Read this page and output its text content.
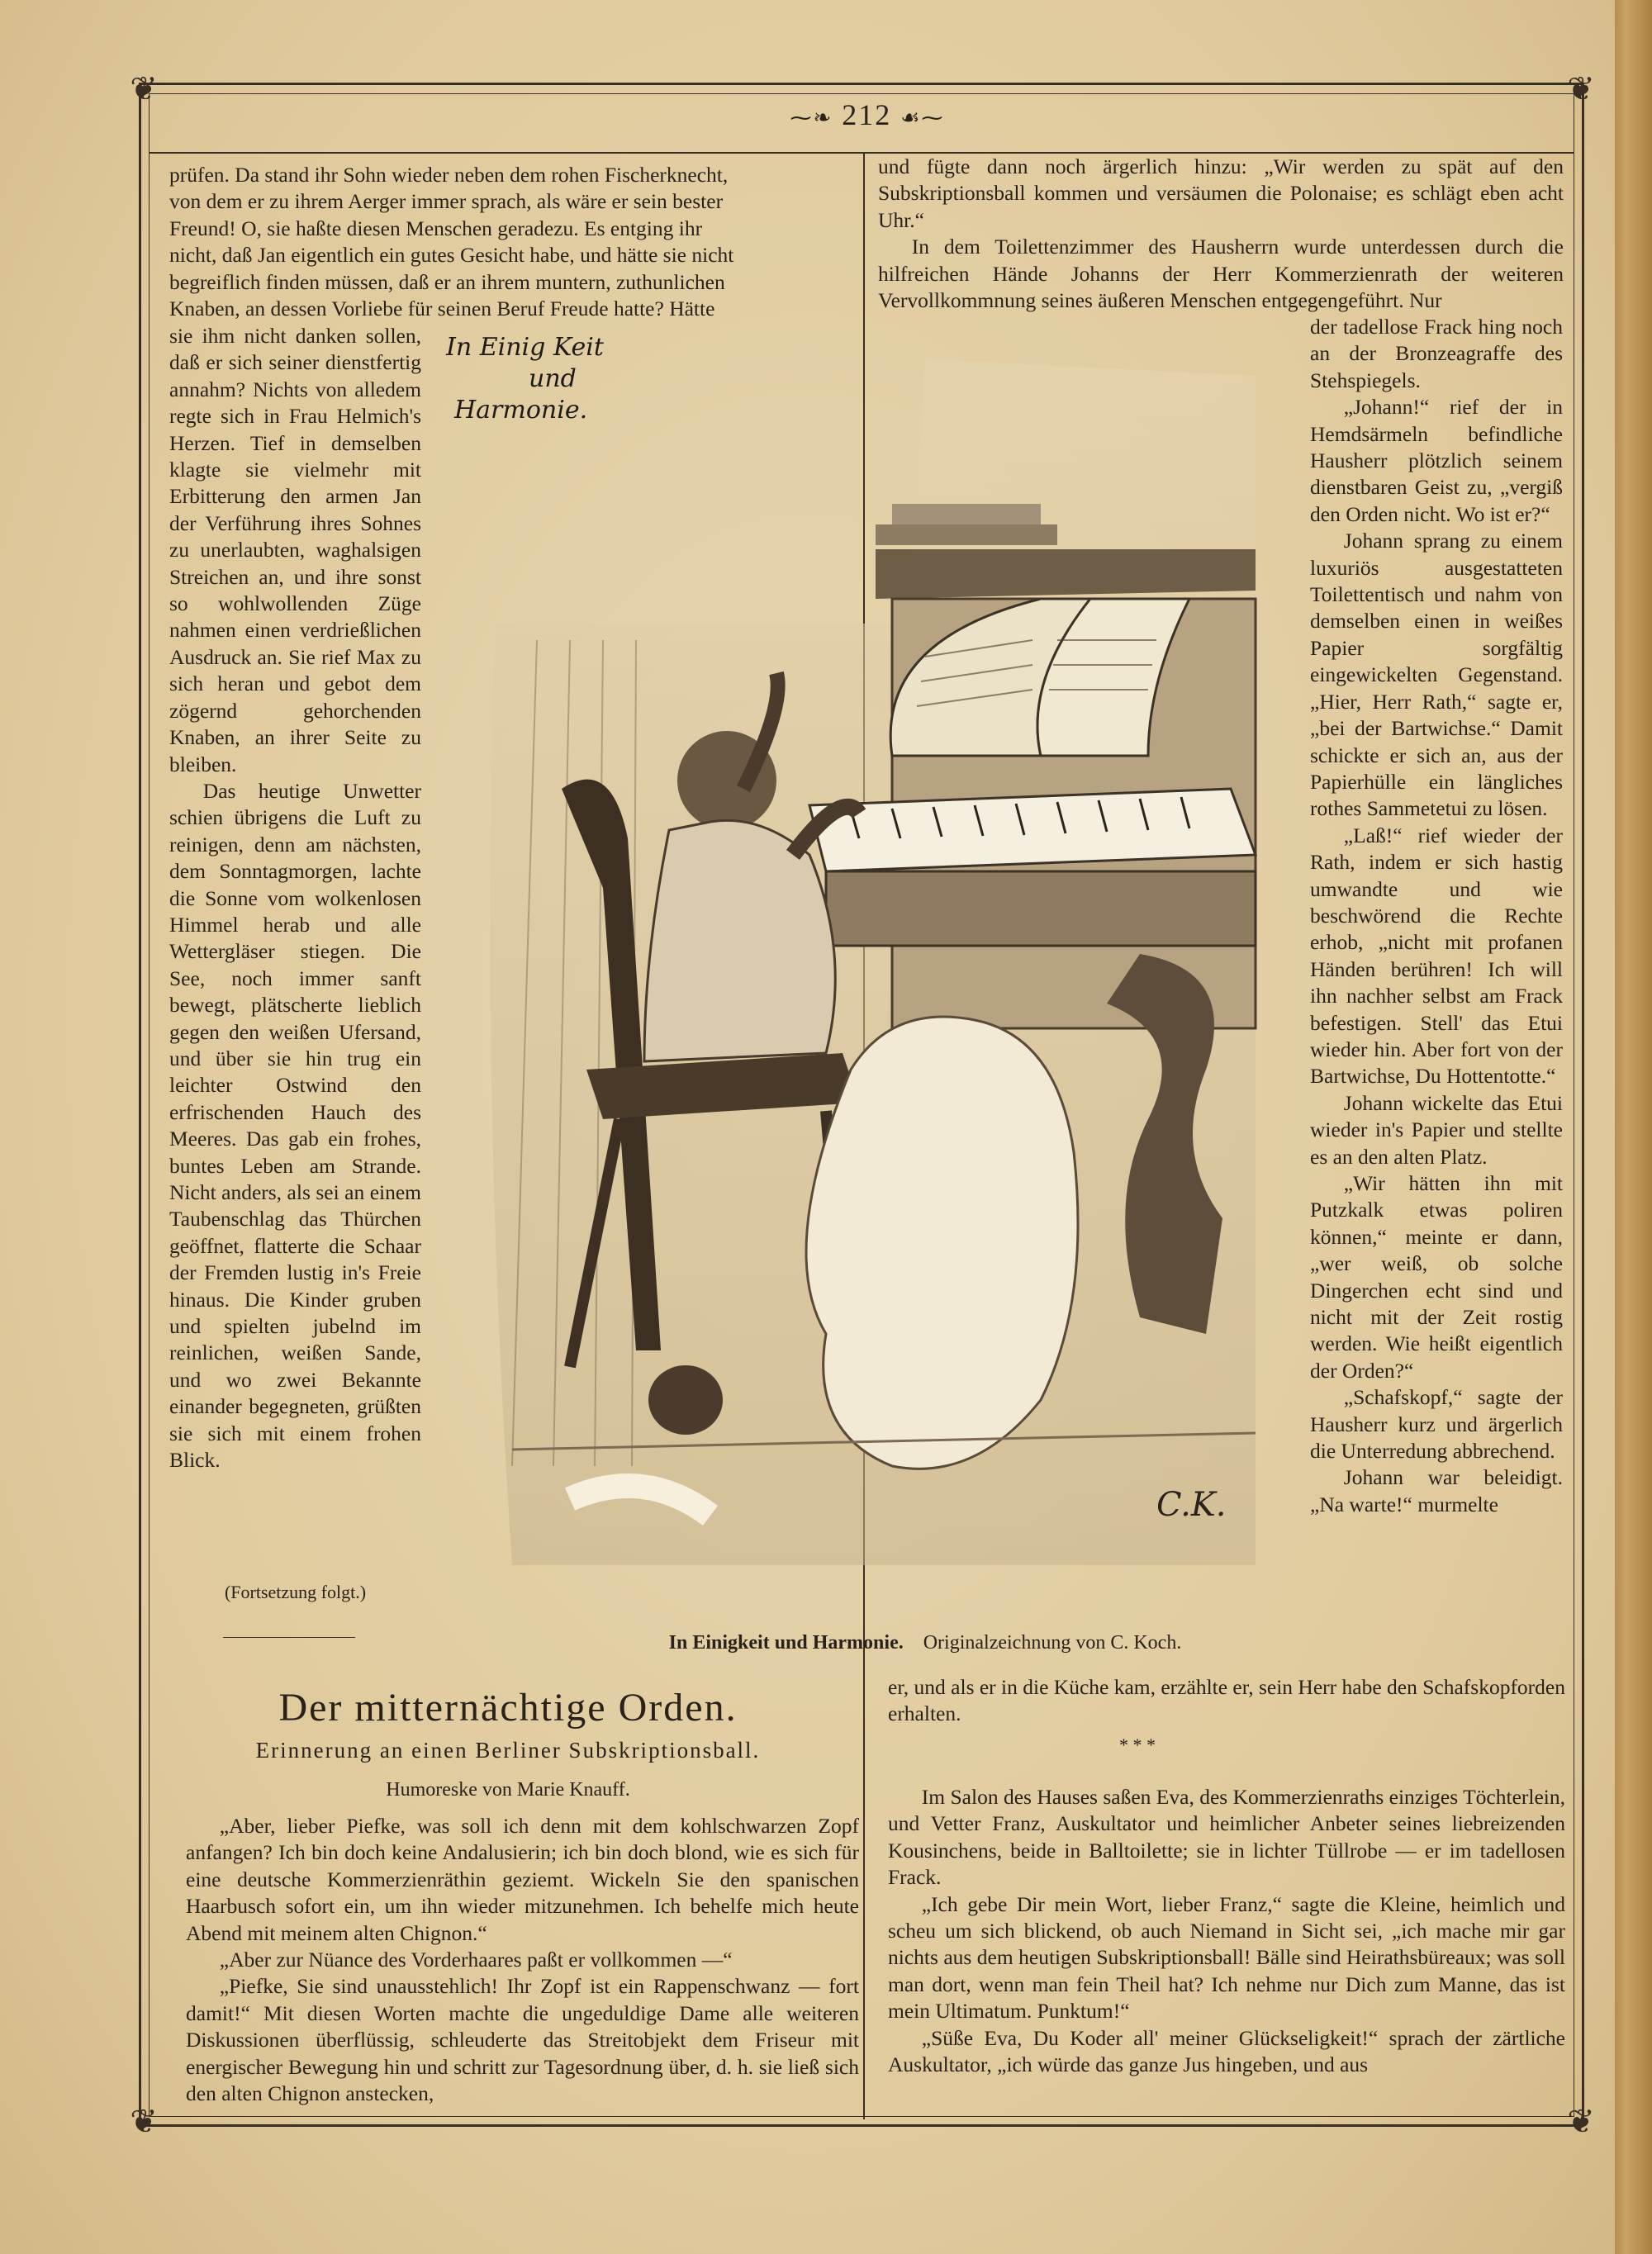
❦	❦
❦	❦
⁓❧ 212 ☙⁓

prüfen. Da stand ihr Sohn wieder neben dem rohen Fischerknecht,

von dem er zu ihrem Aerger immer sprach, als wäre er sein bester

Freund! O, sie haßte diesen Menschen geradezu. Es entging ihr

nicht, daß Jan eigentlich ein gutes Gesicht habe, und hätte sie nicht

begreiflich finden müssen, daß er an ihrem muntern, zuthunlichen

Knaben, an dessen Vorliebe für seinen Beruf Freude hatte? Hätte

sie ihm nicht danken sollen, daß er sich seiner dienstfertig annahm? Nichts von alledem regte sich in Frau Helmich's Herzen. Tief in demselben klagte sie vielmehr mit Erbitterung den armen Jan der Verführung ihres Sohnes zu unerlaubten, waghalsigen Streichen an, und ihre sonst so wohlwollenden Züge nahmen einen verdrießlichen Ausdruck an. Sie rief Max zu sich heran und gebot dem zögernd gehorchenden Knaben, an ihrer Seite zu bleiben.

Das heutige Unwetter schien übrigens die Luft zu reinigen, denn am nächsten, dem Sonntagmorgen, lachte die Sonne vom wolkenlosen Himmel herab und alle Wettergläser stiegen. Die See, noch immer sanft bewegt, plätscherte lieblich gegen den weißen Ufersand, und über sie hin trug ein leichter Ostwind den erfrischenden Hauch des Meeres. Das gab ein frohes, buntes Leben am Strande. Nicht anders, als sei an einem Taubenschlag das Thürchen geöffnet, flatterte die Schaar der Fremden lustig in's Freie hinaus. Die Kinder gruben und spielten jubelnd im reinlichen, weißen Sande, und wo zwei Bekannte einander begegneten, grüßten sie sich mit einem frohen Blick.

(Fortsetzung folgt.)

und fügte dann noch ärgerlich hinzu: „Wir werden zu spät auf den Subskriptionsball kommen und versäumen die Polonaise; es schlägt eben acht Uhr.“

In dem Toilettenzimmer des Hausherrn wurde unterdessen durch die hilfreichen Hände Johanns der Herr Kommerzienrath der weiteren Vervollkommnung seines äußeren Menschen entgegengeführt. Nur

der tadellose Frack hing noch an der Bronzeagraffe des Stehspiegels.

„Johann!“ rief der in Hemdsärmeln befindliche Hausherr plötzlich seinem dienstbaren Geist zu, „vergiß den Orden nicht. Wo ist er?“

Johann sprang zu einem luxuriös ausgestatteten Toilettentisch und nahm von demselben einen in weißes Papier sorgfältig eingewickelten Gegenstand. „Hier, Herr Rath,“ sagte er, „bei der Bartwichse.“ Damit schickte er sich an, aus der Papierhülle ein längliches rothes Sammetetui zu lösen.

„Laß!“ rief wieder der Rath, indem er sich hastig umwandte und wie beschwörend die Rechte erhob, „nicht mit profanen Händen berühren! Ich will ihn nachher selbst am Frack befestigen. Stell' das Etui wieder hin. Aber fort von der Bartwichse, Du Hottentotte.“

Johann wickelte das Etui wieder in's Papier und stellte es an den alten Platz.

„Wir hätten ihn mit Putzkalk etwas poliren können,“ meinte er dann, „wer weiß, ob solche Dingerchen echt sind und nicht mit der Zeit rostig werden. Wie heißt eigentlich der Orden?“

„Schafskopf,“ sagte der Hausherr kurz und ärgerlich die Unterredung abbrechend.

Johann war beleidigt. „Na warte!“ murmelte

C.K.
In Einig Keit
und
Harmonie.
In Einigkeit und Harmonie. Originalzeichnung von C. Koch.
Der mitternächtige Orden.
Erinnerung an einen Berliner Subskriptionsball.
Humoreske von Marie Knauff.

„Aber, lieber Piefke, was soll ich denn mit dem kohlschwarzen Zopf anfangen? Ich bin doch keine Andalusierin; ich bin doch blond, wie es sich für eine deutsche Kommerzienräthin geziemt. Wickeln Sie den spanischen Haarbusch sofort ein, um ihn wieder mitzunehmen. Ich behelfe mich heute Abend mit meinem alten Chignon.“

„Aber zur Nüance des Vorderhaares paßt er vollkommen —“

„Piefke, Sie sind unausstehlich! Ihr Zopf ist ein Rappenschwanz — fort damit!“ Mit diesen Worten machte die ungeduldige Dame alle weiteren Diskussionen überflüssig, schleuderte das Streitobjekt dem Friseur mit energischer Bewegung hin und schritt zur Tagesordnung über, d. h. sie ließ sich den alten Chignon anstecken,

er, und als er in die Küche kam, erzählte er, sein Herr habe den Schafskopforden erhalten.

* * *

Im Salon des Hauses saßen Eva, des Kommerzienraths einziges Töchterlein, und Vetter Franz, Auskultator und heimlicher Anbeter seines liebreizenden Kousinchens, beide in Balltoilette; sie in lichter Tüllrobe — er im tadellosen Frack.

„Ich gebe Dir mein Wort, lieber Franz,“ sagte die Kleine, heimlich und scheu um sich blickend, ob auch Niemand in Sicht sei, „ich mache mir gar nichts aus dem heutigen Subskriptionsball! Bälle sind Heirathsbüreaux; was soll man dort, wenn man fein Theil hat? Ich nehme nur Dich zum Manne, das ist mein Ultimatum. Punktum!“

„Süße Eva, Du Koder all' meiner Glückseligkeit!“ sprach der zärtliche Auskultator, „ich würde das ganze Jus hingeben, und aus
